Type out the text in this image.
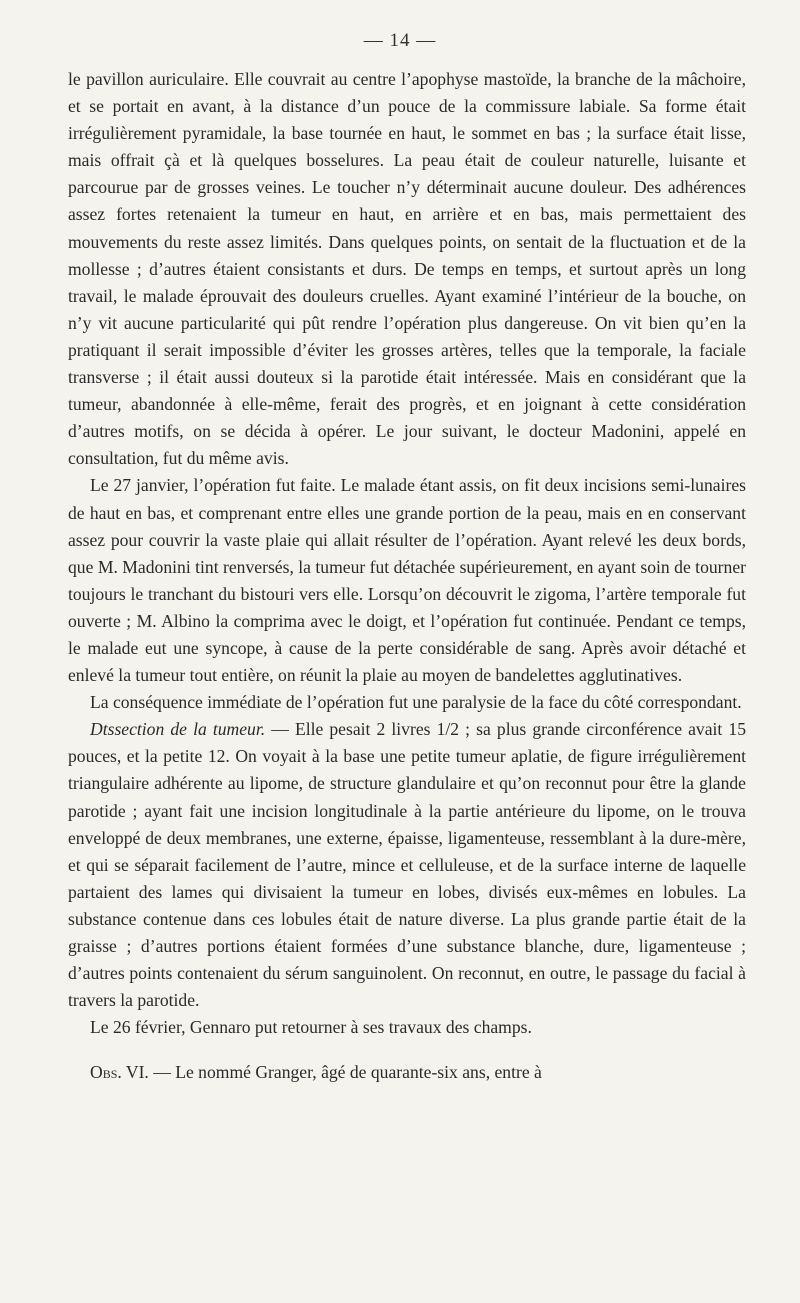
— 14 —

le pavillon auriculaire. Elle couvrait au centre l’apophyse mastoïde, la branche de la mâchoire, et se portait en avant, à la distance d’un pouce de la commissure labiale. Sa forme était irrégulièrement pyramidale, la base tournée en haut, le sommet en bas ; la surface était lisse, mais offrait çà et là quelques bosselures. La peau était de couleur naturelle, luisante et parcourue par de grosses veines. Le toucher n’y déterminait aucune douleur. Des adhérences assez fortes retenaient la tumeur en haut, en arrière et en bas, mais permettaient des mouvements du reste assez limités. Dans quelques points, on sentait de la fluctuation et de la mollesse ; d’autres étaient consistants et durs. De temps en temps, et surtout après un long travail, le malade éprouvait des douleurs cruelles. Ayant examiné l’intérieur de la bouche, on n’y vit aucune particularité qui pût rendre l’opération plus dangereuse. On vit bien qu’en la pratiquant il serait impossible d’éviter les grosses artères, telles que la temporale, la faciale transverse ; il était aussi douteux si la parotide était intéressée. Mais en considérant que la tumeur, abandonnée à elle-même, ferait des progrès, et en joignant à cette considération d’autres motifs, on se décida à opérer. Le jour suivant, le docteur Madonini, appelé en consultation, fut du même avis.

Le 27 janvier, l’opération fut faite. Le malade étant assis, on fit deux incisions semi-lunaires de haut en bas, et comprenant entre elles une grande portion de la peau, mais en en conservant assez pour couvrir la vaste plaie qui allait résulter de l’opération. Ayant relevé les deux bords, que M. Madonini tint renversés, la tumeur fut détachée supérieurement, en ayant soin de tourner toujours le tranchant du bistouri vers elle. Lorsqu’on découvrit le zigoma, l’artère temporale fut ouverte ; M. Albino la comprima avec le doigt, et l’opération fut continuée. Pendant ce temps, le malade eut une syncope, à cause de la perte considérable de sang. Après avoir détaché et enlevé la tumeur tout entière, on réunit la plaie au moyen de bandelettes agglutinatives.

La conséquence immédiate de l’opération fut une paralysie de la face du côté correspondant.

Dtssection de la tumeur. — Elle pesait 2 livres 1/2 ; sa plus grande circonférence avait 15 pouces, et la petite 12. On voyait à la base une petite tumeur aplatie, de figure irrégulièrement triangulaire adhérente au lipome, de structure glandulaire et qu’on reconnut pour être la glande parotide ; ayant fait une incision longitudinale à la partie antérieure du lipome, on le trouva enveloppé de deux membranes, une externe, épaisse, ligamenteuse, ressemblant à la dure-mère, et qui se séparait facilement de l’autre, mince et celluleuse, et de la surface interne de laquelle partaient des lames qui divisaient la tumeur en lobes, divisés eux-mêmes en lobules. La substance contenue dans ces lobules était de nature diverse. La plus grande partie était de la graisse ; d’autres portions étaient formées d’une substance blanche, dure, ligamenteuse ; d’autres points contenaient du sérum sanguinolent. On reconnut, en outre, le passage du facial à travers la parotide.

Le 26 février, Gennaro put retourner à ses travaux des champs.

Obs. VI. — Le nommé Granger, âgé de quarante-six ans, entre à
